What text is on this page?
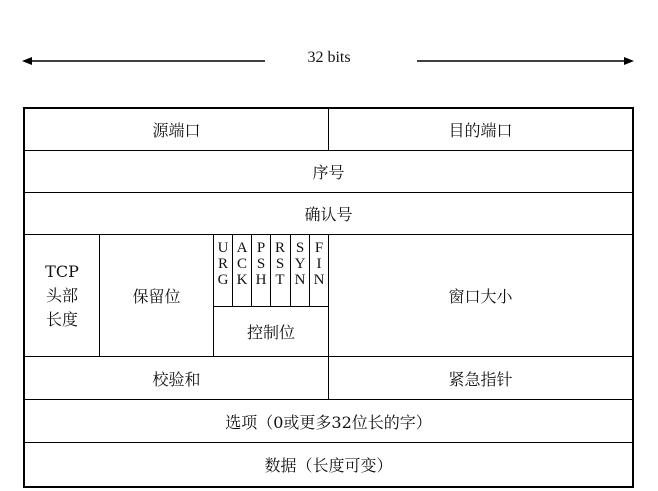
32 bits
源端口	目的端口
序号
确认号
TCP
头部
长度
保留位
U
R
G
A
C
K
P
S
H
R
S
T
S
Y
N
F
I
N
控制位
窗口大小
校验和	紧急指针
选项（0或更多32位长的字）
数据（长度可变）
